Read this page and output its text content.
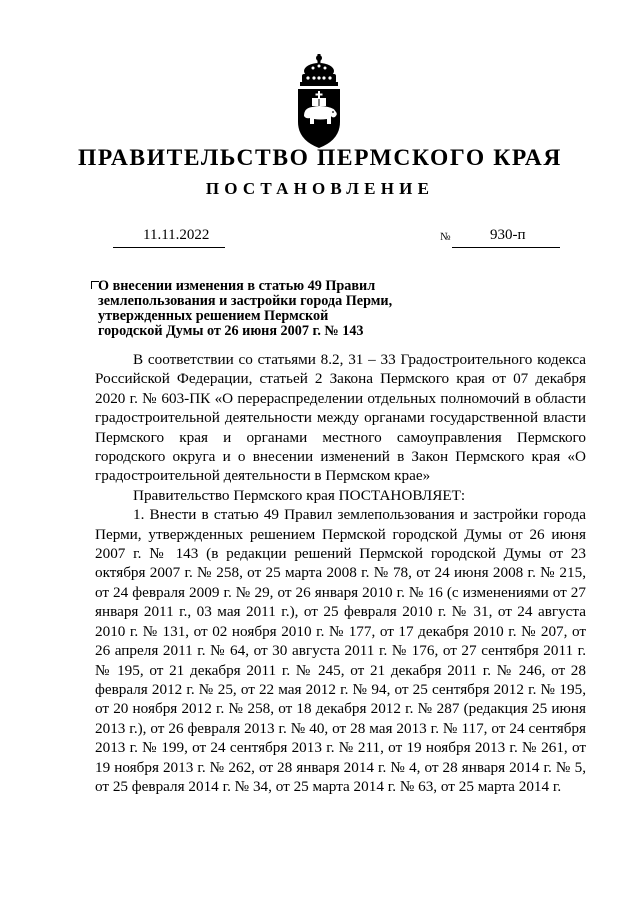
ПРАВИТЕЛЬСТВО ПЕРМСКОГО КРАЯ
ПОСТАНОВЛЕНИЕ
11.11.2022	№	930-п
О внесении изменения в статью 49 Правил
землепользования и застройки города Перми,
утвержденных решением Пермской
городской Думы от 26 июня 2007 г. № 143

В соответствии со статьями 8.2, 31 – 33 Градостроительного кодекса Российской Федерации, статьей 2 Закона Пермского края от 07 декабря 2020 г. № 603-ПК «О перераспределении отдельных полномочий в области градостроительной деятельности между органами государственной власти Пермского края и органами местного самоуправления Пермского городского округа и о внесении изменений в Закон Пермского края «О градостроительной деятельности в Пермском крае»

Правительство Пермского края ПОСТАНОВЛЯЕТ:

1. Внести в статью 49 Правил землепользования и застройки города Перми, утвержденных решением Пермской городской Думы от 26 июня 2007 г. № 143 (в редакции решений Пермской городской Думы от 23 октября 2007 г. № 258, от 25 марта 2008 г. № 78, от 24 июня 2008 г. № 215, от 24 февраля 2009 г. № 29, от 26 января 2010 г. № 16 (с изменениями от 27 января 2011 г., 03 мая 2011 г.), от 25 февраля 2010 г. № 31, от 24 августа 2010 г. № 131, от 02 ноября 2010 г. № 177, от 17 декабря 2010 г. № 207, от 26 апреля 2011 г. № 64, от 30 августа 2011 г. № 176, от 27 сентября 2011 г. № 195, от 21 декабря 2011 г. № 245, от 21 декабря 2011 г. № 246, от 28 февраля 2012 г. № 25, от 22 мая 2012 г. № 94, от 25 сентября 2012 г. № 195, от 20 ноября 2012 г. № 258, от 18 декабря 2012 г. № 287 (редакция 25 июня 2013 г.), от 26 февраля 2013 г. № 40, от 28 мая 2013 г. № 117, от 24 сентября 2013 г. № 199, от 24 сентября 2013 г. № 211, от 19 ноября 2013 г. № 261, от 19 ноября 2013 г. № 262, от 28 января 2014 г. № 4, от 28 января 2014 г. № 5, от 25 февраля 2014 г. № 34, от 25 марта 2014 г. № 63, от 25 марта 2014 г.
